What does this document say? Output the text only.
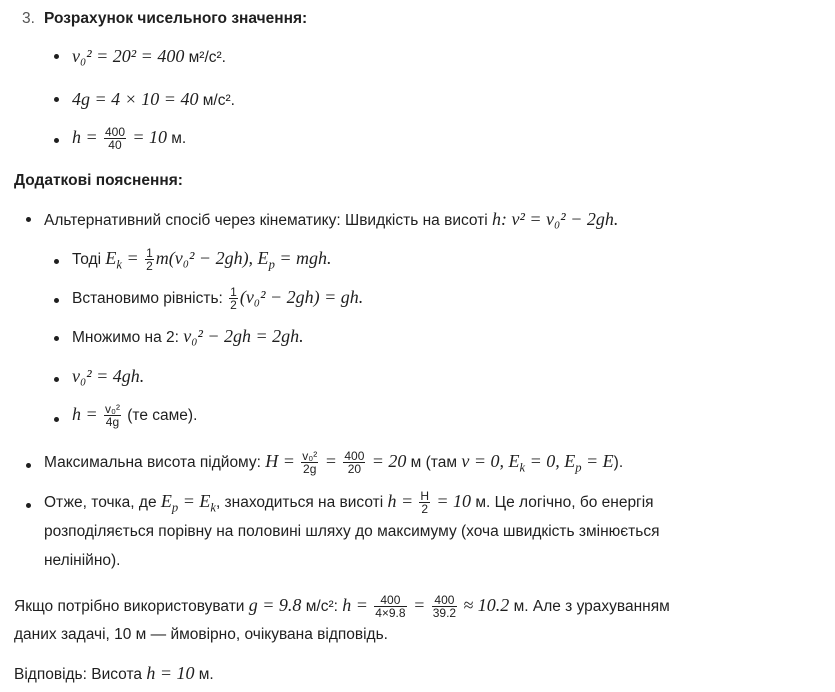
3. Розрахунок чисельного значення:
v₀² = 20² = 400 м²/с².
4g = 4 × 10 = 40 м/с².
$h = \frac{400}{40} = 10$ м.
Додаткові пояснення:
Альтернативний спосіб через кінематику: Швидкість на висоті h: v² = v₀² − 2gh.
Тоді $E_k = \frac{1}{2} m(v_0^2 - 2gh)$, $E_p$ = mgh.
Встановимо рівність: $\frac{1}{2} (v_0^2 - 2gh)$ = gh.
Множимо на 2: v₀² − 2gh = 2gh.
v₀² = 4gh.
$h = \frac{\text{v₀²}}{4g} (те$ саме).
Максимальна висота підйому: $H = \frac{\text{v₀²}}{2g} = \frac{400}{20} = 20$ м (там v = 0, $E_k = 0$, $E_p = E$).
Отже, точка, де $E_p = E_k$, знаходиться на висоті $h = \frac{H}{2} = 10$ м. Це логічно, бо енергія
розподіляється порівну на половині шляху до максимуму (хоча швидкість змінюється
нелінійно).
Якщо потрібно використовувати g = 9.8 м/с²: $h = \frac{400}{4\times 9.8} = \frac{400}{39.2} \approx 10.2$ м. Але з урахуванням
даних задачі, 10 м — ймовірно, очікувана відповідь.
Відповідь: Висота h = 10 м.
